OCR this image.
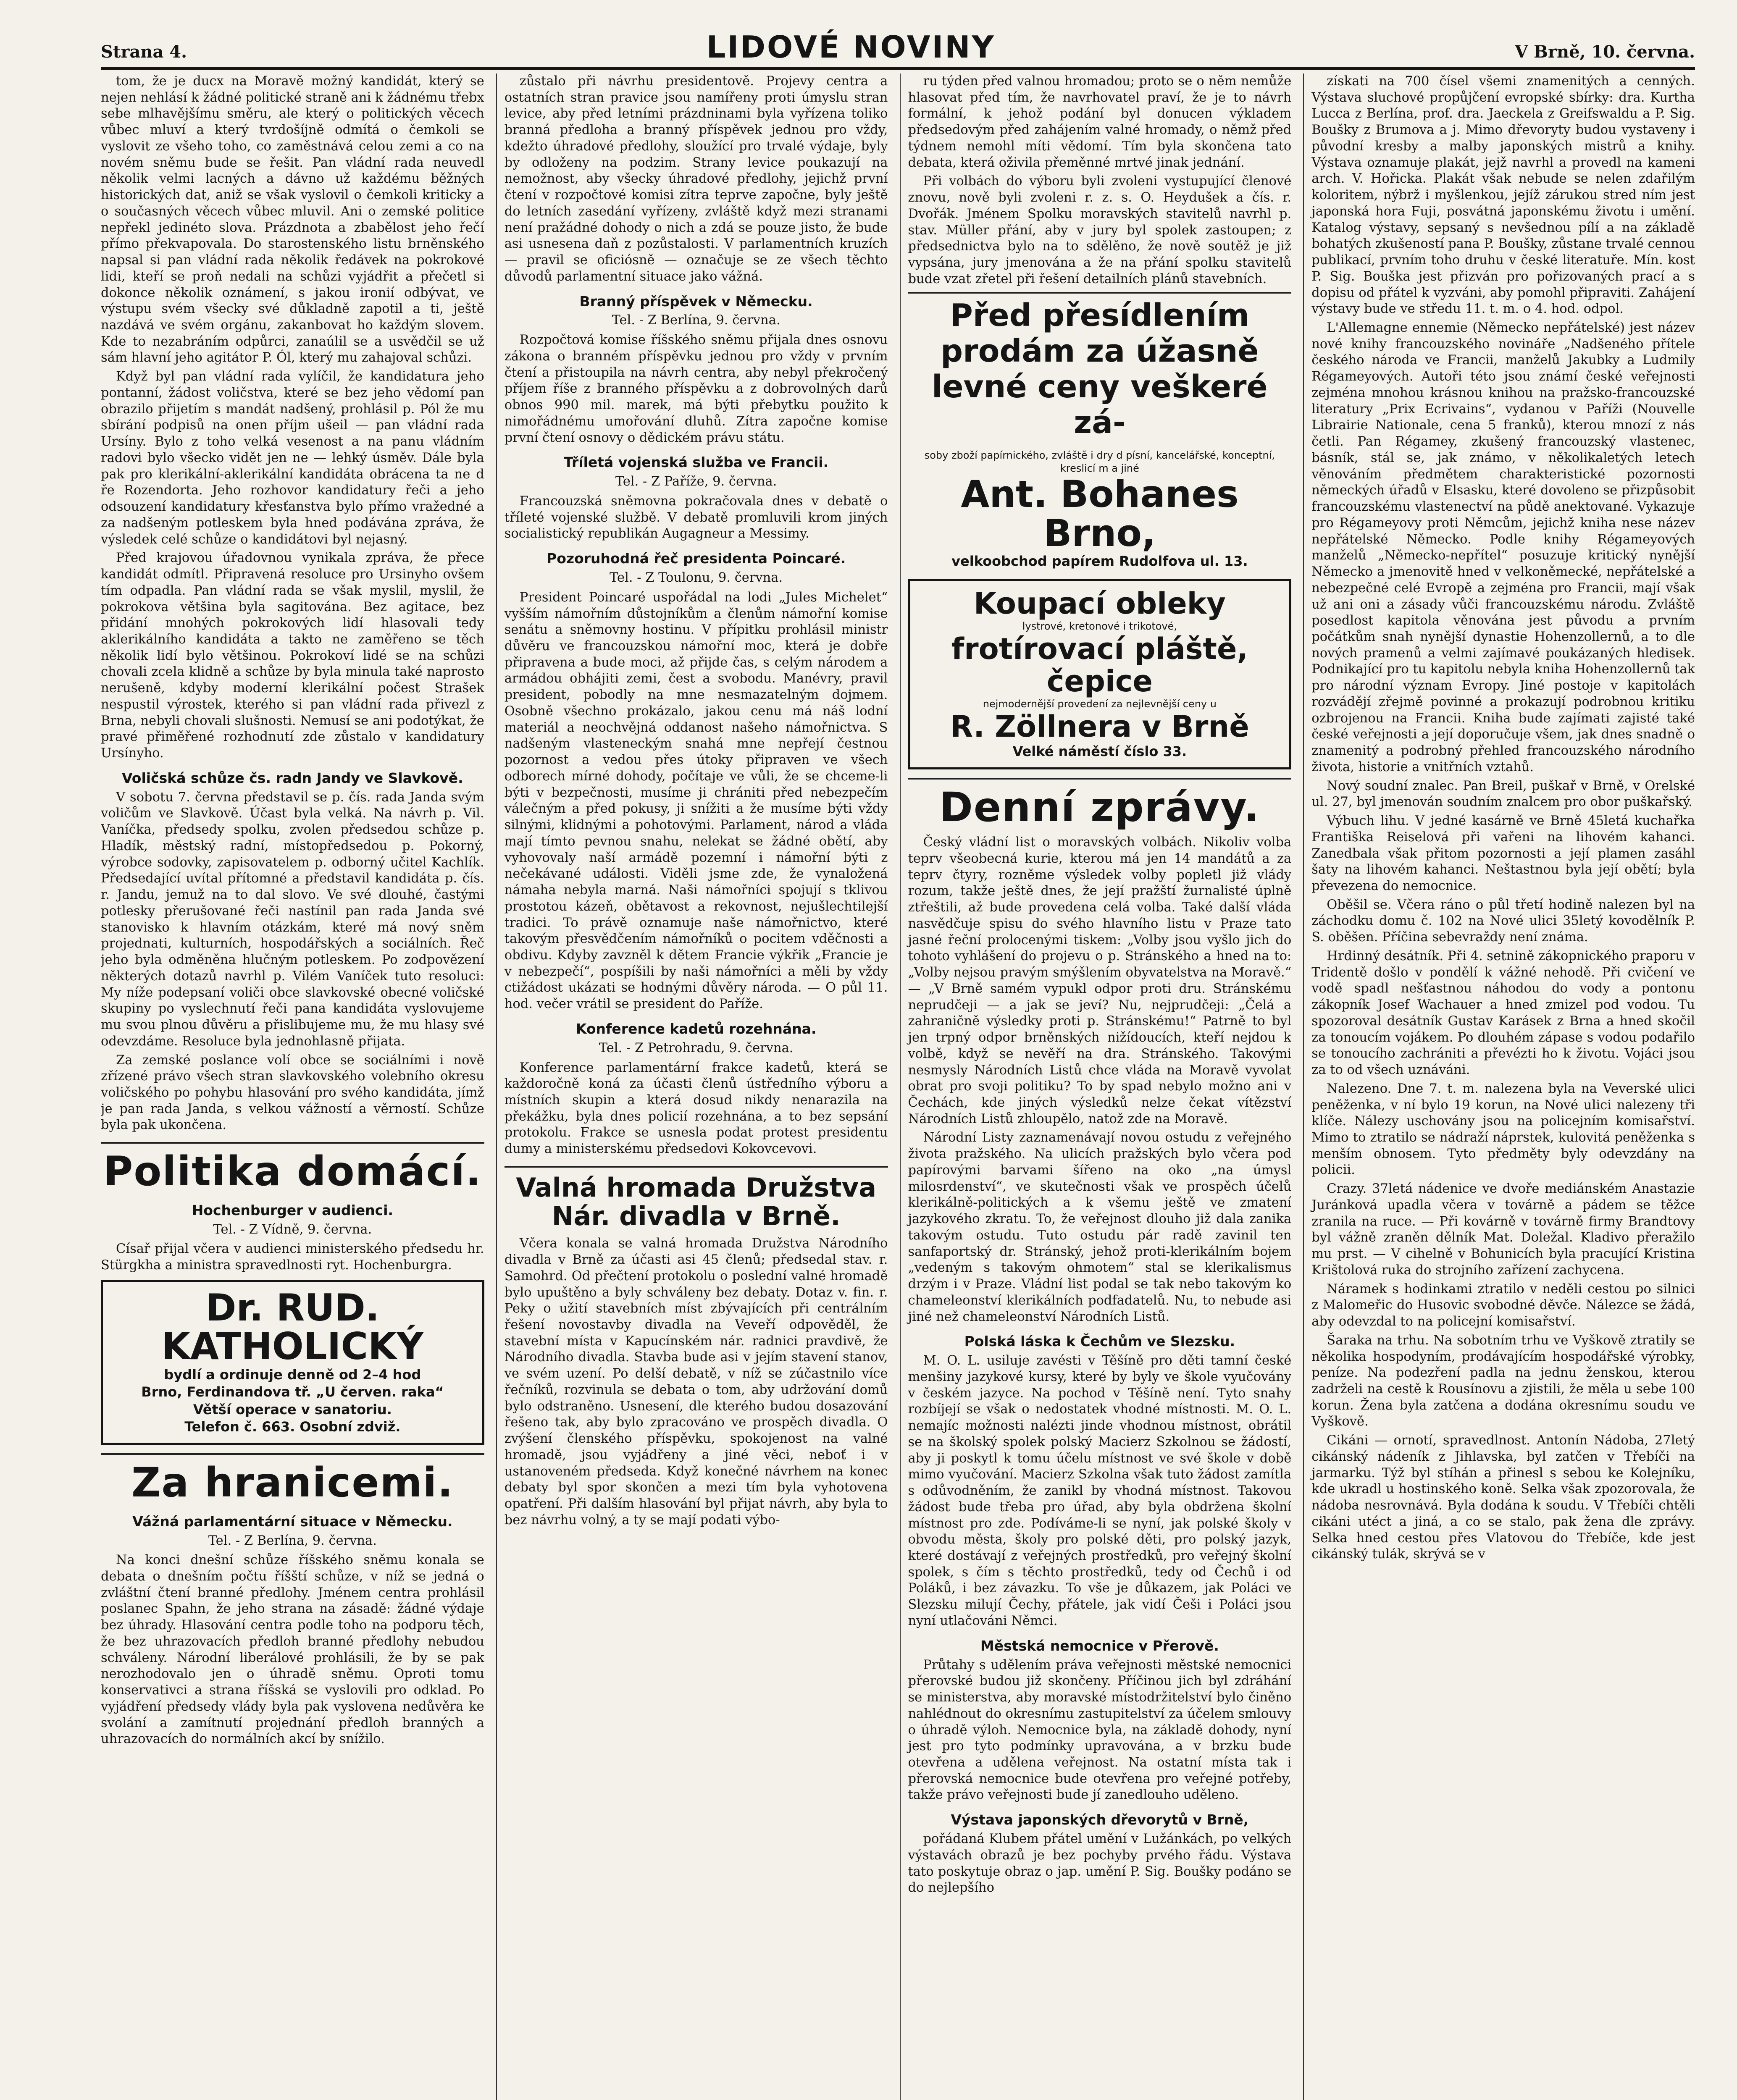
Strana 4.	LIDOVÉ NOVINY	V Brně, 10. června.

tom, že je ducx na Moravě možný kandidát, který se nejen nehlásí k žádné politické straně ani k žádnému třebx sebe mlhavějšímu směru, ale který o politických věcech vůbec mluví a který tvrdošíjně odmítá o čemkoli se vyslovit ze všeho toho, co zaměstnává celou zemi a co na novém sněmu bude se řešit. Pan vládní rada neuvedl několik velmi lacných a dávno už každému běžných historických dat, aniž se však vyslovil o čemkoli kriticky a o současných věcech vůbec mluvil. Ani o zemské politice nepřekl jedinéto slova. Prázdnota a zbabělost jeho řečí přímo překvapovala. Do starostenského listu brněnského napsal si pan vládní rada několik ředávek na pokrokové lidi, kteří se proň nedali na schůzi vyjádřit a přečetl si dokonce několik oznámení, s jakou ironií odbývat, ve výstupu svém všecky své důkladně zapotil a ti, ještě nazdává ve svém orgánu, zakanbovat ho každým slovem. Kde to nezabráním odpůrci, zanaúlil se a usvědčil se už sám hlavní jeho agitátor P. Ól, který mu zahajoval schůzi.

Když byl pan vládní rada vylíčil, že kandidatura jeho pontanní, žádost voličstva, které se bez jeho vědomí pan obrazilo přijetím s mandát nadšený, prohlásil p. Pól že mu sbírání podpisů na onen příjm ušeil — pan vládní rada Ursíny. Bylo z toho velká vesenost a na panu vládním radovi bylo všecko vidět jen ne — lehký úsměv. Dále byla pak pro klerikální-aklerikální kandidáta obrácena ta ne d ře Rozendorta. Jeho rozhovor kandidatury řeči a jeho odsouzení kandidatury křesťanstva bylo přímo vražedné a za nadšeným potleskem byla hned podávána zpráva, že výsledek celé schůze o kandidátovi byl nejasný.

Před krajovou úřadovnou vynikala zpráva, že přece kandidát odmítl. Připravená resoluce pro Ursinyho ovšem tím odpadla. Pan vládní rada se však myslil, myslil, že pokrokova většina byla sagitována. Bez agitace, bez přidání mnohých pokrokových lidí hlasovali tedy aklerikálního kandidáta a takto ne zaměřeno se těch několik lidí bylo většinou. Pokrokoví lidé se na schůzi chovali zcela klidně a schůze by byla minula také naprosto nerušeně, kdyby moderní klerikální počest Strašek nespustil výrostek, kterého si pan vládní rada přivezl z Brna, nebyli chovali slušnosti. Nemusí se ani podotýkat, že pravé přiměřené rozhodnutí zde zůstalo v kandidatury Ursínyho.

Voličská schůze čs. radn Jandy ve Slavkově.

V sobotu 7. června představil se p. čís. rada Janda svým voličům ve Slavkově. Účast byla velká. Na návrh p. Vil. Vaníčka, předsedy spolku, zvolen předsedou schůze p. Hladík, městský radní, místopředsedou p. Pokorný, výrobce sodovky, zapisovatelem p. odborný učitel Kachlík. Předsedající uvítal přítomné a představil kandidáta p. čís. r. Jandu, jemuž na to dal slovo. Ve své dlouhé, častými potlesky přerušované řeči nastínil pan rada Janda své stanovisko k hlavním otázkám, které má nový sněm projednati, kulturních, hospodářských a sociálních. Řeč jeho byla odměněna hlučným potleskem. Po zodpovězení některých dotazů navrhl p. Vilém Vaníček tuto resoluci: My níže podepsaní voliči obce slavkovské obecné voličské skupiny po vyslechnutí řeči pana kandidáta vyslovujeme mu svou plnou důvěru a přislibujeme mu, že mu hlasy své odevzdáme. Resoluce byla jednohlasně přijata.

Za zemské poslance volí obce se sociálními i nově zřízené právo všech stran slavkovského volebního okresu voličského po pohybu hlasování pro svého kandidáta, jímž je pan rada Janda, s velkou vážností a věrností. Schůze byla pak ukončena.

Politika domácí.
Hochenburger v audienci.

Tel. - Z Vídně, 9. června.

Císař přijal včera v audienci ministerského předsedu hr. Stürgkha a ministra spravedlnosti ryt. Hochenburgra.

Dr. RUD. KATHOLICKÝ
bydlí a ordinuje denně od 2–4 hod
Brno, Ferdinandova tř. „U červen. raka“
Větší operace v sanatoriu.
Telefon č. 663. Osobní zdviž.
Za hranicemi.
Vážná parlamentární situace v Německu.

Tel. - Z Berlína, 9. června.

Na konci dnešní schůze říšského sněmu konala se debata o dnešním počtu říšští schůze, v níž se jedná o zvláštní čtení branné předlohy. Jménem centra prohlásil poslanec Spahn, že jeho strana na zásadě: žádné výdaje bez úhrady. Hlasování centra podle toho na podporu těch, že bez uhrazovacích předloh branné předlohy nebudou schváleny. Národní liberálové prohlásili, že by se pak nerozhodovalo jen o úhradě sněmu. Oproti tomu konservativci a strana říšská se vyslovili pro odklad. Po vyjádření předsedy vlády byla pak vyslovena nedůvěra ke svolání a zamítnutí projednání předloh branných a uhrazovacích do normálních akcí by snížilo.

zůstalo při návrhu presidentově. Projevy centra a ostatních stran pravice jsou namířeny proti úmyslu stran levice, aby před letními prázdninami byla vyřízena toliko branná předloha a branný příspěvek jednou pro vždy, kdežto úhradové předlohy, sloužící pro trvalé výdaje, byly by odloženy na podzim. Strany levice poukazují na nemožnost, aby všecky úhradové předlohy, jejichž první čtení v rozpočtové komisi zítra teprve započne, byly ještě do letních zasedání vyřízeny, zvláště když mezi stranami není pražádné dohody o nich a zdá se pouze jisto, že bude asi usnesena daň z pozůstalosti. V parlamentních kruzích — pravil se oficiósně — označuje se ze všech těchto důvodů parlamentní situace jako vážná.

Branný příspěvek v Německu.

Tel. - Z Berlína, 9. června.

Rozpočtová komise říšského sněmu přijala dnes osnovu zákona o branném příspěvku jednou pro vždy v prvním čtení a přistoupila na návrh centra, aby nebyl překročený příjem říše z branného příspěvku a z dobrovolných darů obnos 990 mil. marek, má býti přebytku použito k nimořádnému umořování dluhů. Zítra započne komise první čtení osnovy o dědickém právu státu.

Tříletá vojenská služba ve Francii.

Tel. - Z Paříže, 9. června.

Francouzská sněmovna pokračovala dnes v debatě o tříleté vojenské službě. V debatě promluvili krom jiných socialistický republikán Augagneur a Messimy.

Pozoruhodná řeč presidenta Poincaré.

Tel. - Z Toulonu, 9. června.

President Poincaré uspořádal na lodi „Jules Michelet“ vyšším námořním důstojníkům a členům námořní komise senátu a sněmovny hostinu. V přípitku prohlásil ministr důvěru ve francouzskou námořní moc, která je dobře připravena a bude moci, až přijde čas, s celým národem a armádou obhájiti zemi, čest a svobodu. Manévry, pravil president, pobodly na mne nesmazatelným dojmem. Osobně všechno prokázalo, jakou cenu má náš lodní materiál a neochvějná oddanost našeho námořnictva. S nadšeným vlasteneckým snahá mne nepřejí čestnou pozornost a vedou přes útoky připraven ve všech odborech mírné dohody, počítaje ve vůli, že se chceme-li býti v bezpečnosti, musíme ji chrániti před nebezpečím válečným a před pokusy, ji snížiti a že musíme býti vždy silnými, klidnými a pohotovými. Parlament, národ a vláda mají tímto pevnou snahu, nelekat se žádné obětí, aby vyhovovaly naší armádě pozemní i námořní býti z nečekávané události. Viděli jsme zde, že vynaložená námaha nebyla marná. Naši námořníci spojují s tklivou prostotou kázeň, obětavost a rekovnost, nejušlechtilejší tradici. To právě oznamuje naše námořnictvo, které takovým přesvědčením námořníků o pocitem vděčnosti a obdivu. Kdyby zavzněl k dětem Francie výkřik „Francie je v nebezpečí“, pospíšili by naši námořníci a měli by vždy ctižádost ukázati se hodnými důvěry národa. — O půl 11. hod. večer vrátil se president do Paříže.

Konference kadetů rozehnána.

Tel. - Z Petrohradu, 9. června.

Konference parlamentární frakce kadetů, která se každoročně koná za účasti členů ústředního výboru a místních skupin a která dosud nikdy nenarazila na překážku, byla dnes policií rozehnána, a to bez sepsání protokolu. Frakce se usnesla podat protest presidentu dumy a ministerskému předsedovi Kokovcevovi.

Valná hromada Družstva Nár. divadla v Brně.

Včera konala se valná hromada Družstva Národního divadla v Brně za účasti asi 45 členů; předsedal stav. r. Samohrd. Od přečtení protokolu o poslední valné hromadě bylo upuštěno a byly schváleny bez debaty. Dotaz v. fin. r. Peky o užití stavebních míst zbývajících při centrálním řešení novostavby divadla na Veveří odpověděl, že stavební místa v Kapucínském nár. radnici pravdivě, že Národního divadla. Stavba bude asi v jejím stavení stanov, ve svém uzení. Po delší debatě, v níž se zúčastnilo více řečníků, rozvinula se debata o tom, aby udržování domů bylo odstraněno. Usnesení, dle kterého budou dosazování řešeno tak, aby bylo zpracováno ve prospěch divadla. O zvýšení členského příspěvku, spokojenost na valné hromadě, jsou vyjádřeny a jiné věci, neboť i v ustanoveném předseda. Když konečné návrhem na konec debaty byl spor skončen a mezi tím byla vyhotovena opatření. Při dalším hlasování byl přijat návrh, aby byla to bez návrhu volný, a ty se mají podati výbo-

ru týden před valnou hromadou; proto se o něm nemůže hlasovat před tím, že navrhovatel praví, že je to návrh formální, k jehož podání byl donucen výkladem předsedovým před zahájením valné hromady, o němž před týdnem nemohl míti vědomí. Tím byla skončena tato debata, která oživila přeměnné mrtvé jinak jednání.

Při volbách do výboru byli zvoleni vystupující členové znovu, nově byli zvoleni r. z. s. O. Heydušek a čís. r. Dvořák. Jménem Spolku moravských stavitelů navrhl p. stav. Müller přání, aby v jury byl spolek zastoupen; z předsednictva bylo na to sdělěno, že nově soutěž je již vypsána, jury jmenována a že na přání spolku stavitelů bude vzat zřetel při řešení detailních plánů stavebních.

Před přesídlením prodám za úžasně levné ceny veškeré zá-
soby zboží papírnického, zvláště i dry d písní, kancelářské, konceptní, kreslicí m a jiné
Ant. Bohanes Brno,
velkoobchod papírem Rudolfova ul. 13.
Koupací obleky
lystrové, kretonové i trikotové,
frotírovací pláště,
čepice
nejmodernější provedení za nejlevnější ceny u
R. Zöllnera v Brně
Velké náměstí číslo 33.
Denní zprávy.

Český vládní list o moravských volbách. Nikoliv volba teprv všeobecná kurie, kterou má jen 14 mandátů a za teprv čtyry, rozněme výsledek volby popletl již vlády rozum, takže ještě dnes, že její pražští žurnalisté úplně ztřeštili, až bude provedena celá volba. Také další vláda nasvědčuje spisu do svého hlavního listu v Praze tato jasné řeční prolocenými tiskem: „Volby jsou vyšlo jich do tohoto vyhlášení do projevu o p. Stránského a hned na to: „Volby nejsou pravým smýšlením obyvatelstva na Moravě.“ — „V Brně samém vypukl odpor proti dru. Stránskému neprudčeji — a jak se jeví? Nu, nejprudčeji: „Čelá a zahraničně výsledky proti p. Stránskému!“ Patrně to byl jen trpný odpor brněnských nižídoucích, kteří nejdou k volbě, když se nevěří na dra. Stránského. Takovými nesmysly Národních Listů chce vláda na Moravě vyvolat obrat pro svoji politiku? To by spad nebylo možno ani v Čechách, kde jiných výsledků nelze čekat vítězství Národních Listů zhloupělo, natož zde na Moravě.

Národní Listy zaznamenávají novou ostudu z veřejného života pražského. Na ulicích pražských bylo včera pod papírovými barvami šířeno na oko „na úmysl milosrdenství“, ve skutečnosti však ve prospěch účelů klerikálně-politických a k všemu ještě ve zmatení jazykového zkratu. To, že veřejnost dlouho již dala zanika takovým ostudu. Tuto ostudu pár radě zavinil ten sanfaportský dr. Stránský, jehož proti-klerikálním bojem „vedeným s takovým ohmotem“ stal se klerikalismus drzým i v Praze. Vládní list podal se tak nebo takovým ko chameleonství klerikálních podfadatelů. Nu, to nebude asi jiné než chameleonství Národních Listů.

Polská láska k Čechům ve Slezsku.

M. O. L. usiluje zavésti v Těšíně pro děti tamní české menšiny jazykové kursy, které by byly ve škole vyučovány v českém jazyce. Na pochod v Těšíně není. Tyto snahy rozbíjejí se však o nedostatek vhodné místnosti. M. O. L. nemajíc možnosti nalézti jinde vhodnou místnost, obrátil se na školský spolek polský Macierz Szkolnou se žádostí, aby ji poskytl k tomu účelu místnost ve své škole v době mimo vyučování. Macierz Szkolna však tuto žádost zamítla s odůvodněním, že zanikl by vhodná místnost. Takovou žádost bude třeba pro úřad, aby byla obdržena školní místnost pro zde. Podíváme-li se nyní, jak polské školy v obvodu města, školy pro polské děti, pro polský jazyk, které dostávají z veřejných prostředků, pro veřejný školní spolek, s čím s těchto prostředků, tedy od Čechů i od Poláků, i bez závazku. To vše je důkazem, jak Poláci ve Slezsku milují Čechy, přátele, jak vidí Češi i Poláci jsou nyní utlačováni Němci.

Městská nemocnice v Přerově.

Průtahy s udělením práva veřejnosti městské nemocnici přerovské budou již skončeny. Příčinou jich byl zdráhání se ministerstva, aby moravské místodržitelství bylo činěno nahlédnout do okresnímu zastupitelství za účelem smlouvy o úhradě výloh. Nemocnice byla, na základě dohody, nyní jest pro tyto podmínky upravována, a v brzku bude otevřena a udělena veřejnost. Na ostatní místa tak i přerovská nemocnice bude otevřena pro veřejné potřeby, takže právo veřejnosti bude jí zanedlouho uděleno.

Výstava japonských dřevorytů v Brně,

pořádaná Klubem přátel umění v Lužánkách, po velkých výstavách obrazů je bez pochyby prvého řádu. Výstava tato poskytuje obraz o jap. umění P. Sig. Boušky podáno se do nejlepšího

získati na 700 čísel všemi znamenitých a cenných. Výstava sluchové propůjčení evropské sbírky: dra. Kurtha Lucca z Berlína, prof. dra. Jaeckela z Greifswaldu a P. Sig. Boušky z Brumova a j. Mimo dřevoryty budou vystaveny i původní kresby a malby japonských mistrů a knihy. Výstava oznamuje plakát, jejž navrhl a provedl na kameni arch. V. Hořicka. Plakát však nebude se nelen zdařilým koloritem, nýbrž i myšlenkou, jejíž zárukou stred ním jest japonská hora Fuji, posvátná japonskému životu i umění. Katalog výstavy, sepsaný s nevšednou pílí a na základě bohatých zkušeností pana P. Boušky, zůstane trvalé cennou publikací, prvním toho druhu v české literatuře. Mín. kost P. Sig. Bouška jest přizván pro pořizovaných prací a s dopisu od přátel k vyzváni, aby pomohl připraviti. Zahájení výstavy bude ve středu 11. t. m. o 4. hod. odpol.

L'Allemagne ennemie (Německo nepřátelské) jest název nové knihy francouzského novináře „Nadšeného přítele českého národa ve Francii, manželů Jakubky a Ludmily Régameyových. Autoři této jsou známí české veřejnosti zejména mnohou krásnou knihou na pražsko-francouzské literatury „Prix Ecrivains“, vydanou v Paříži (Nouvelle Librairie Nationale, cena 5 franků), kterou mnozí z nás četli. Pan Régamey, zkušený francouzský vlastenec, básník, stál se, jak známo, v několikaletých letech věnováním předmětem charakteristické pozornosti německých úřadů v Elsasku, které dovoleno se přizpůsobit francouzskému vlastenectví na půdě anektované. Vykazuje pro Régameyovy proti Němcům, jejichž kniha nese název nepřátelské Německo. Podle knihy Régameyových manželů „Německo-nepřítel“ posuzuje kritický nynější Německo a jmenovitě hned v velkoněmecké, nepřátelské a nebezpečné celé Evropě a zejména pro Francii, mají však už ani oni a zásady vůči francouzskému národu. Zvláště posedlost kapitola věnována jest původu a prvním počátkům snah nynější dynastie Hohenzollernů, a to dle nových pramenů a velmi zajímavé poukázaných hledisek. Podnikající pro tu kapitolu nebyla kniha Hohenzollernů tak pro národní význam Evropy. Jiné postoje v kapitolách rozvádějí zřejmě povinné a prokazují podrobnou kritiku ozbrojenou na Francii. Kniha bude zajímati zajisté také české veřejnosti a její doporučuje všem, jak dnes snadně o znamenitý a podrobný přehled francouzského národního života, historie a vnitřních vztahů.

Nový soudní znalec. Pan Breil, puškař v Brně, v Orelské ul. 27, byl jmenován soudním znalcem pro obor puškařský.

Výbuch lihu. V jedné kasárně ve Brně 45letá kuchařka Františka Reiselová při vařeni na lihovém kahanci. Zanedbala však přitom pozornosti a její plamen zasáhl šaty na lihovém kahanci. Neštastnou byla její obětí; byla převezena do nemocnice.

Oběšil se. Včera ráno o půl třetí hodině nalezen byl na záchodku domu č. 102 na Nové ulici 35letý kovodělník P. S. oběšen. Příčina sebevraždy není známa.

Hrdinný desátník. Při 4. setnině zákopnického praporu v Tridentě došlo v pondělí k vážné nehodě. Při cvičení ve vodě spadl nešťastnou náhodou do vody a pontonu zákopník Josef Wachauer a hned zmizel pod vodou. Tu spozoroval desátník Gustav Karásek z Brna a hned skočil za tonoucím vojákem. Po dlouhém zápase s vodou podařilo se tonoucího zachrániti a převézti ho k životu. Vojáci jsou za to od všech uznáváni.

Nalezeno. Dne 7. t. m. nalezena byla na Veverské ulici peněženka, v ní bylo 19 korun, na Nové ulici nalezeny tři klíče. Nálezy uschovány jsou na policejním komisařství. Mimo to ztratilo se nádraží náprstek, kulovitá peněženka s menším obnosem. Tyto předměty byly odevzdány na policii.

Crazy. 37letá nádenice ve dvoře mediánském Anastazie Juránková upadla včera v továrně a pádem se těžce zranila na ruce. — Při kovárně v továrně firmy Brandtovy byl vážně zraněn dělník Mat. Doležal. Kladivo přeražilo mu prst. — V cihelně v Bohunicích byla pracující Kristina Krištolová ruka do strojního zařízení zachycena.

Náramek s hodinkami ztratilo v neděli cestou po silnici z Malomeřic do Husovic svobodné děvče. Nálezce se žádá, aby odevzdal to na policejní komisařství.

Šaraka na trhu. Na sobotním trhu ve Vyškově ztratily se několika hospodyním, prodávajícím hospodářské výrobky, peníze. Na podezření padla na jednu ženskou, kterou zadrželi na cestě k Rousínovu a zjistili, že měla u sebe 100 korun. Žena byla zatčena a dodána okresnímu soudu ve Vyškově.

Cikáni — ornotí, spravedlnost. Antonín Nádoba, 27letý cikánský nádeník z Jihlavska, byl zatčen v Třebíči na jarmarku. Týž byl stíhán a přinesl s sebou ke Kolejníku, kde ukradl u hostinského koně. Selka však zpozorovala, že nádoba nesrovnává. Byla dodána k soudu. V Třebíči chtěli cikáni utéct a jiná, a co se stalo, pak žena dle zprávy. Selka hned cestou přes Vlatovou do Třebíče, kde jest cikánský tulák, skrývá se v
